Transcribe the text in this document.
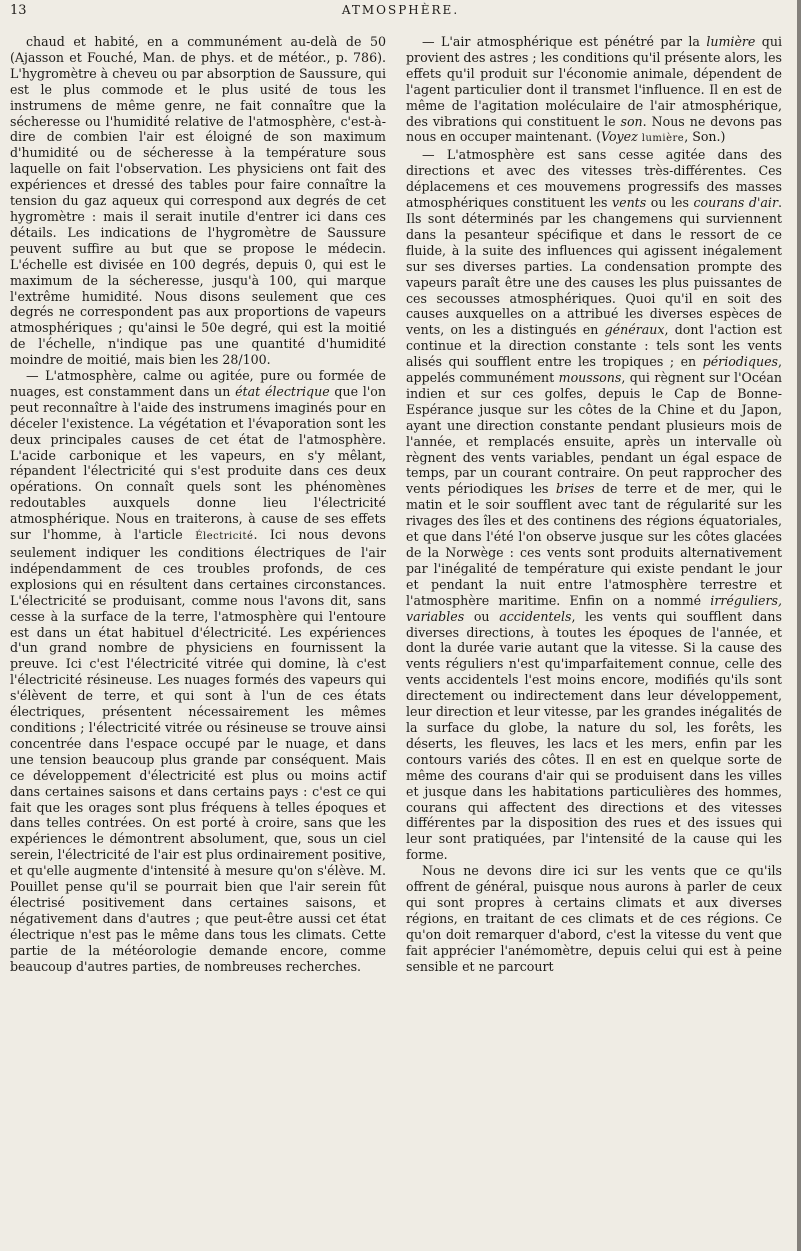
13	ATMOSPHÈRE.

chaud et habité, en a communément au-delà de 50 (Ajasson et Fouché, Man. de phys. et de météor., p. 786). L'hygromètre à cheveu ou par absorption de Saussure, qui est le plus commode et le plus usité de tous les instrumens de même genre, ne fait connaître que la sécheresse ou l'humidité relative de l'atmosphère, c'est-à-dire de combien l'air est éloigné de son maximum d'humidité ou de sécheresse à la température sous laquelle on fait l'observation. Les physiciens ont fait des expériences et dressé des tables pour faire connaître la tension du gaz aqueux qui correspond aux degrés de cet hygromètre : mais il serait inutile d'entrer ici dans ces détails. Les indications de l'hygromètre de Saussure peuvent suffire au but que se propose le médecin. L'échelle est divisée en 100 degrés, depuis 0, qui est le maximum de la sécheresse, jusqu'à 100, qui marque l'extrême humidité. Nous disons seulement que ces degrés ne correspondent pas aux proportions de vapeurs atmosphériques ; qu'ainsi le 50e degré, qui est la moitié de l'échelle, n'indique pas une quantité d'humidité moindre de moitié, mais bien les 28/100.

— L'atmosphère, calme ou agitée, pure ou formée de nuages, est constamment dans un état électrique que l'on peut reconnaître à l'aide des instrumens imaginés pour en déceler l'existence. La végétation et l'évaporation sont les deux principales causes de cet état de l'atmosphère. L'acide carbonique et les vapeurs, en s'y mêlant, répandent l'électricité qui s'est produite dans ces deux opérations. On connaît quels sont les phénomènes redoutables auxquels donne lieu l'électricité atmosphérique. Nous en traiterons, à cause de ses effets sur l'homme, à l'article Électricité. Ici nous devons seulement indiquer les conditions électriques de l'air indépendamment de ces troubles profonds, de ces explosions qui en résultent dans certaines circonstances. L'électricité se produisant, comme nous l'avons dit, sans cesse à la surface de la terre, l'atmosphère qui l'entoure est dans un état habituel d'électricité. Les expériences d'un grand nombre de physiciens en fournissent la preuve. Ici c'est l'électricité vitrée qui domine, là c'est l'électricité résineuse. Les nuages formés des vapeurs qui s'élèvent de terre, et qui sont à l'un de ces états électriques, présentent nécessairement les mêmes conditions ; l'électricité vitrée ou résineuse se trouve ainsi concentrée dans l'espace occupé par le nuage, et dans une tension beaucoup plus grande par conséquent. Mais ce développement d'électricité est plus ou moins actif dans certaines saisons et dans certains pays : c'est ce qui fait que les orages sont plus fréquens à telles époques et dans telles contrées. On est porté à croire, sans que les expériences le démontrent absolument, que, sous un ciel serein, l'électricité de l'air est plus ordinairement positive, et qu'elle augmente d'intensité à mesure qu'on s'élève. M. Pouillet pense qu'il se pourrait bien que l'air serein fût électrisé positivement dans certaines saisons, et négativement dans d'autres ; que peut-être aussi cet état électrique n'est pas le même dans tous les climats. Cette partie de la météorologie demande encore, comme beaucoup d'autres parties, de nombreuses recherches.

— L'air atmosphérique est pénétré par la lumière qui provient des astres ; les conditions qu'il présente alors, les effets qu'il produit sur l'économie animale, dépendent de l'agent particulier dont il transmet l'influence. Il en est de même de l'agitation moléculaire de l'air atmosphérique, des vibrations qui constituent le son. Nous ne devons pas nous en occuper maintenant. (Voyez lumière, Son.)

— L'atmosphère est sans cesse agitée dans des directions et avec des vitesses très-différentes. Ces déplacemens et ces mouvemens progressifs des masses atmosphériques constituent les vents ou les courans d'air. Ils sont déterminés par les changemens qui surviennent dans la pesanteur spécifique et dans le ressort de ce fluide, à la suite des influences qui agissent inégalement sur ses diverses parties. La condensation prompte des vapeurs paraît être une des causes les plus puissantes de ces secousses atmosphériques. Quoi qu'il en soit des causes auxquelles on a attribué les diverses espèces de vents, on les a distingués en généraux, dont l'action est continue et la direction constante : tels sont les vents alisés qui soufflent entre les tropiques ; en périodiques, appelés communément moussons, qui règnent sur l'Océan indien et sur ces golfes, depuis le Cap de Bonne-Espérance jusque sur les côtes de la Chine et du Japon, ayant une direction constante pendant plusieurs mois de l'année, et remplacés ensuite, après un intervalle où règnent des vents variables, pendant un égal espace de temps, par un courant contraire. On peut rapprocher des vents périodiques les brises de terre et de mer, qui le matin et le soir soufflent avec tant de régularité sur les rivages des îles et des continens des régions équatoriales, et que dans l'été l'on observe jusque sur les côtes glacées de la Norwège : ces vents sont produits alternativement par l'inégalité de température qui existe pendant le jour et pendant la nuit entre l'atmosphère terrestre et l'atmosphère maritime. Enfin on a nommé irréguliers, variables ou accidentels, les vents qui soufflent dans diverses directions, à toutes les époques de l'année, et dont la durée varie autant que la vitesse. Si la cause des vents réguliers n'est qu'imparfaitement connue, celle des vents accidentels l'est moins encore, modifiés qu'ils sont directement ou indirectement dans leur développement, leur direction et leur vitesse, par les grandes inégalités de la surface du globe, la nature du sol, les forêts, les déserts, les fleuves, les lacs et les mers, enfin par les contours variés des côtes. Il en est en quelque sorte de même des courans d'air qui se produisent dans les villes et jusque dans les habitations particulières des hommes, courans qui affectent des directions et des vitesses différentes par la disposition des rues et des issues qui leur sont pratiquées, par l'intensité de la cause qui les forme.

Nous ne devons dire ici sur les vents que ce qu'ils offrent de général, puisque nous aurons à parler de ceux qui sont propres à certains climats et aux diverses régions, en traitant de ces climats et de ces régions. Ce qu'on doit remarquer d'abord, c'est la vitesse du vent que fait apprécier l'anémomètre, depuis celui qui est à peine sensible et ne parcourt
